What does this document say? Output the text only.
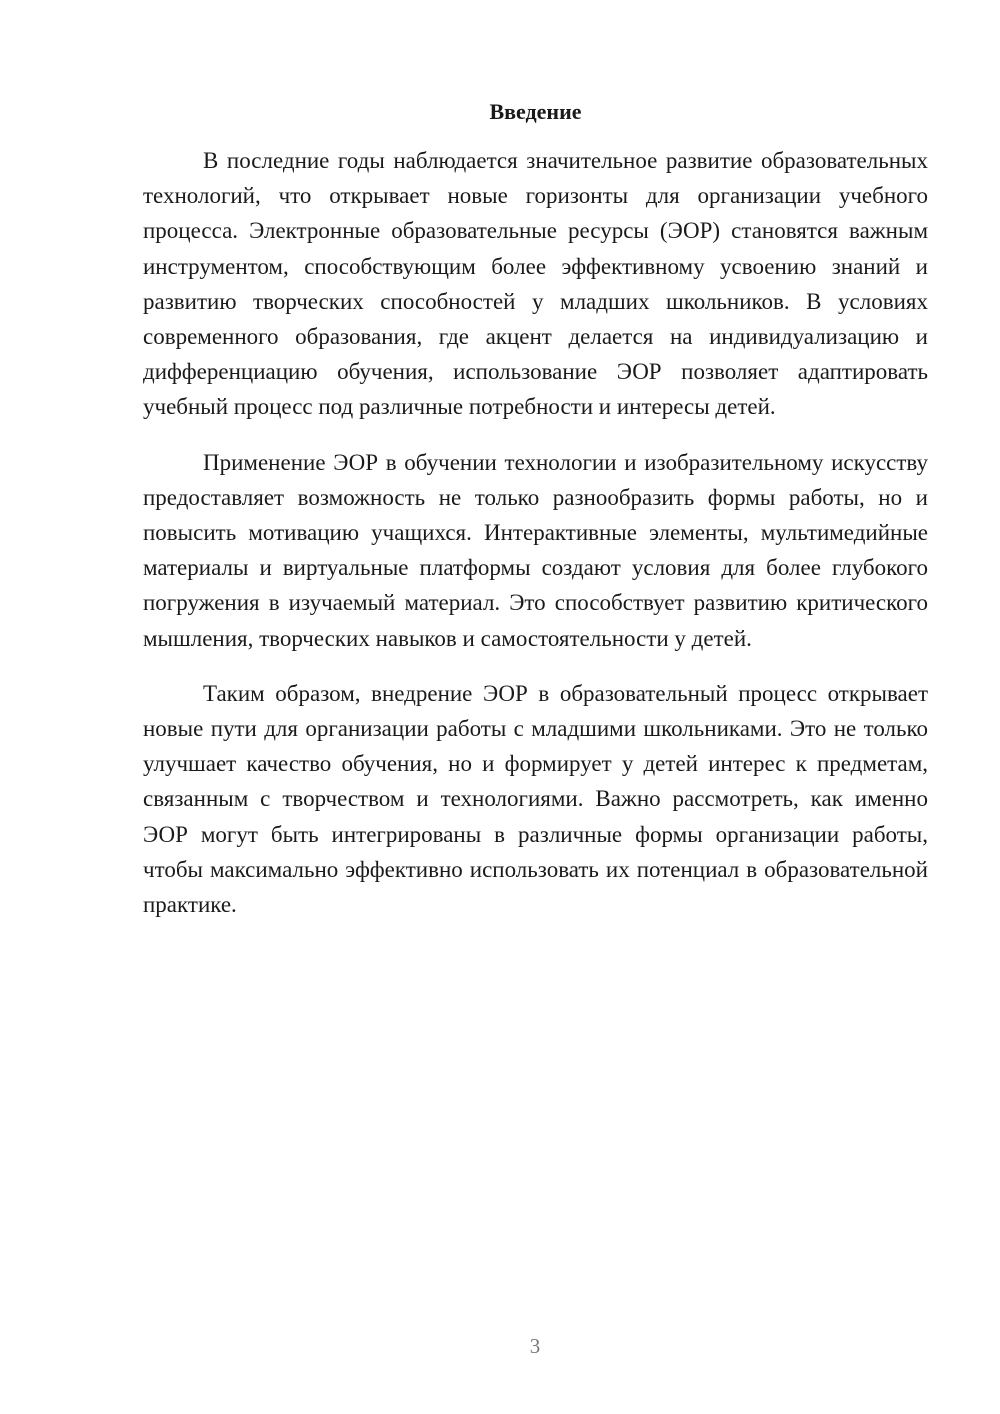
Введение

В последние годы наблюдается значительное развитие образовательных технологий, что открывает новые горизонты для организации учебного процесса. Электронные образовательные ресурсы (ЭОР) становятся важным инструментом, способствующим более эффективному усвоению знаний и развитию творческих способностей у младших школьников. В условиях современного образования, где акцент делается на индивидуализацию и дифференциацию обучения, использование ЭОР позволяет адаптировать учебный процесс под различные потребности и интересы детей.

Применение ЭОР в обучении технологии и изобразительному искусству предоставляет возможность не только разнообразить формы работы, но и повысить мотивацию учащихся. Интерактивные элементы, мультимедийные материалы и виртуальные платформы создают условия для более глубокого погружения в изучаемый материал. Это способствует развитию критического мышления, творческих навыков и самостоятельности у детей.

Таким образом, внедрение ЭОР в образовательный процесс открывает новые пути для организации работы с младшими школьниками. Это не только улучшает качество обучения, но и формирует у детей интерес к предметам, связанным с творчеством и технологиями. Важно рассмотреть, как именно ЭОР могут быть интегрированы в различные формы организации работы, чтобы максимально эффективно использовать их потенциал в образовательной практике.

3
